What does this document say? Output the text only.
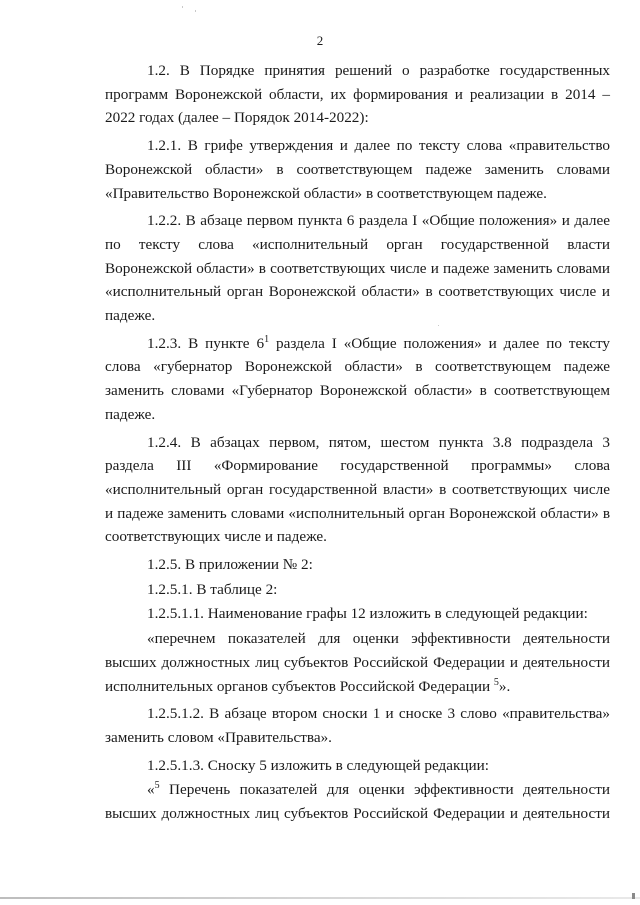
2

1.2. В Порядке принятия решений о разработке государственных программ Воронежской области, их формирования и реализации в 2014 – 2022 годах (далее – Порядок 2014-2022):

1.2.1. В грифе утверждения и далее по тексту слова «правительство Воронежской области» в соответствующем падеже заменить словами «Правительство Воронежской области» в соответствующем падеже.

1.2.2. В абзаце первом пункта 6 раздела I «Общие положения» и далее по тексту слова «исполнительный орган государственной власти Воронежской области» в соответствующих числе и падеже заменить словами «исполнительный орган Воронежской области» в соответствующих числе и падеже.

1.2.3. В пункте $6^1$ раздела I «Общие положения» и далее по тексту слова «губернатор Воронежской области» в соответствующем падеже заменить словами «Губернатор Воронежской области» в соответствующем падеже.

1.2.4. В абзацах первом, пятом, шестом пункта 3.8 подраздела 3 раздела III «Формирование государственной программы» слова «исполнительный орган государственной власти» в соответствующих числе и падеже заменить словами «исполнительный орган Воронежской области» в соответствующих числе и падеже.

1.2.5. В приложении № 2:

1.2.5.1. В таблице 2:

1.2.5.1.1. Наименование графы 12 изложить в следующей редакции:

«перечнем показателей для оценки эффективности деятельности высших должностных лиц субъектов Российской Федерации и деятельности исполнительных органов субъектов Российской Федерации $^5$».

1.2.5.1.2. В абзаце втором сноски 1 и сноске 3 слово «правительства» заменить словом «Правительства».

1.2.5.1.3. Сноску 5 изложить в следующей редакции:

«$^5$ Перечень показателей для оценки эффективности деятельности высших должностных лиц субъектов Российской Федерации и деятельности
